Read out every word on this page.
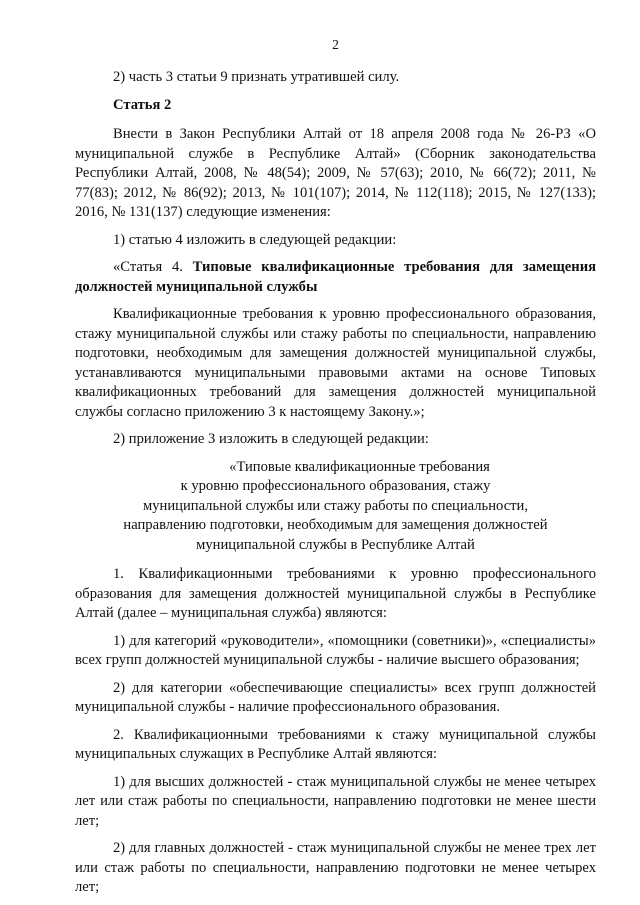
2

2) часть 3 статьи 9 признать утратившей силу.

Статья 2

Внести в Закон Республики Алтай от 18 апреля 2008 года № 26-РЗ «О муниципальной службе в Республике Алтай» (Сборник законодательства Республики Алтай, 2008, № 48(54); 2009, № 57(63); 2010, № 66(72); 2011, № 77(83); 2012, № 86(92); 2013, № 101(107); 2014, № 112(118); 2015, № 127(133); 2016, № 131(137) следующие изменения:

1) статью 4 изложить в следующей редакции:

«Статья 4. Типовые квалификационные требования для замещения должностей муниципальной службы

Квалификационные требования к уровню профессионального образования, стажу муниципальной службы или стажу работы по специальности, направлению подготовки, необходимым для замещения должностей муниципальной службы, устанавливаются муниципальными правовыми актами на основе Типовых квалификационных требований для замещения должностей муниципальной службы согласно приложению 3 к настоящему Закону.»;

2) приложение 3 изложить в следующей редакции:

«Типовые квалификационные требования
к уровню профессионального образования, стажу
муниципальной службы или стажу работы по специальности,
направлению подготовки, необходимым для замещения должностей
муниципальной службы в Республике Алтай

1. Квалификационными требованиями к уровню профессионального образования для замещения должностей муниципальной службы в Республике Алтай (далее – муниципальная служба) являются:

1) для категорий «руководители», «помощники (советники)», «специалисты» всех групп должностей муниципальной службы - наличие высшего образования;

2) для категории «обеспечивающие специалисты» всех групп должностей муниципальной службы - наличие профессионального образования.

2. Квалификационными требованиями к стажу муниципальной службы муниципальных служащих в Республике Алтай являются:

1) для высших должностей - стаж муниципальной службы не менее четырех лет или стаж работы по специальности, направлению подготовки не менее шести лет;

2) для главных должностей - стаж муниципальной службы не менее трех лет или стаж работы по специальности, направлению подготовки не менее четырех лет;
